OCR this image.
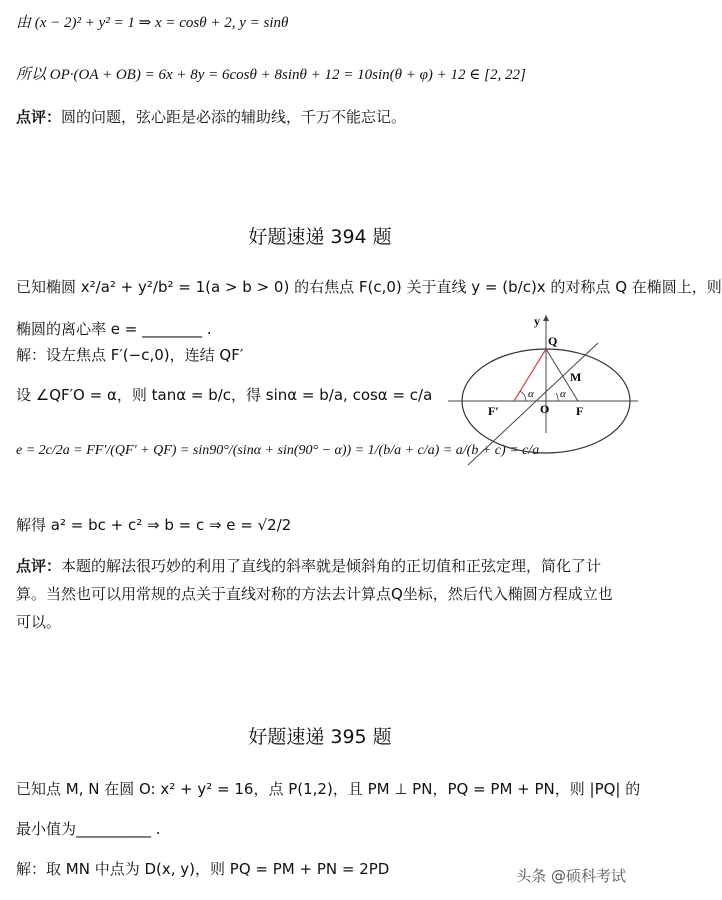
由 (x − 2)² + y² = 1 ⇒ x = cosθ + 2, y = sinθ
所以 OP·(OA + OB) = 6x + 8y = 6cosθ + 8sinθ + 12 = 10sin(θ + φ) + 12 ∈ [2, 22]
点评：圆的问题，弦心距是必添的辅助线，千万不能忘记。
好题速递 394 题
已知椭圆 x²/a² + y²/b² = 1(a > b > 0) 的右焦点 F(c,0) 关于直线 y = (b/c)x 的对称点 Q 在椭圆上，则
椭圆的离心率 e = ________ .
解：设左焦点 F′(−c,0)，连结 QF′
设 ∠QF′O = α，则 tanα = b/c，得 sinα = b/a, cosα = c/a
e = 2c/2a = FF′/(QF′ + QF) = sin90°/(sinα + sin(90° − α)) = 1/(b/a + c/a) = a/(b + c) = c/a
解得 a² = bc + c² ⇒ b = c ⇒ e = √2/2
点评：本题的解法很巧妙的利用了直线的斜率就是倾斜角的正切值和正弦定理，简化了计算。当然也可以用常规的点关于直线对称的方法去计算点Q坐标，然后代入椭圆方程成立也可以。
y
Q
M
F
F′	O
α α
好题速递 395 题
已知点 M, N 在圆 O: x² + y² = 16，点 P(1,2)，且 PM ⊥ PN，PQ = PM + PN，则 |PQ| 的
最小值为__________ .
解：取 MN 中点为 D(x, y)，则 PQ = PM + PN = 2PD	头条 @硕科考试
